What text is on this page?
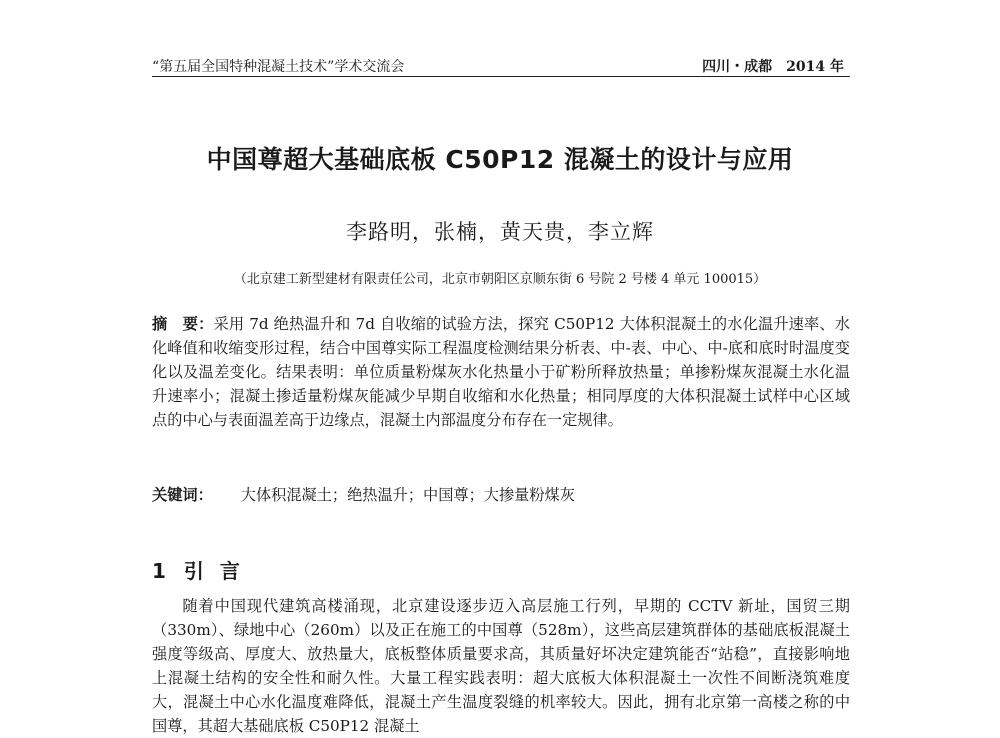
“第五届全国特种混凝土技术”学术交流会	四川・成都　2014 年
中国尊超大基础底板 C50P12 混凝土的设计与应用
李路明，张楠，黄天贵，李立辉
（北京建工新型建材有限责任公司，北京市朝阳区京顺东街 6 号院 2 号楼 4 单元 100015）

摘　要：采用 7d 绝热温升和 7d 自收缩的试验方法，探究 C50P12 大体积混凝土的水化温升速率、水化峰值和收缩变形过程，结合中国尊实际工程温度检测结果分析表、中-表、中心、中-底和底时时温度变化以及温差变化。结果表明：单位质量粉煤灰水化热量小于矿粉所释放热量；单掺粉煤灰混凝土水化温升速率小；混凝土掺适量粉煤灰能减少早期自收缩和水化热量；相同厚度的大体积混凝土试样中心区域点的中心与表面温差高于边缘点，混凝土内部温度分布存在一定规律。

关键词： 大体积混凝土；绝热温升；中国尊；大掺量粉煤灰
1 引言

随着中国现代建筑高楼涌现，北京建设逐步迈入高层施工行列，早期的 CCTV 新址，国贸三期（330m）、绿地中心（260m）以及正在施工的中国尊（528m），这些高层建筑群体的基础底板混凝土强度等级高、厚度大、放热量大，底板整体质量要求高，其质量好坏决定建筑能否“站稳”，直接影响地上混凝土结构的安全性和耐久性。大量工程实践表明：超大底板大体积混凝土一次性不间断浇筑难度大，混凝土中心水化温度难降低，混凝土产生温度裂缝的机率较大。因此，拥有北京第一高楼之称的中国尊，其超大基础底板 C50P12 混凝土
